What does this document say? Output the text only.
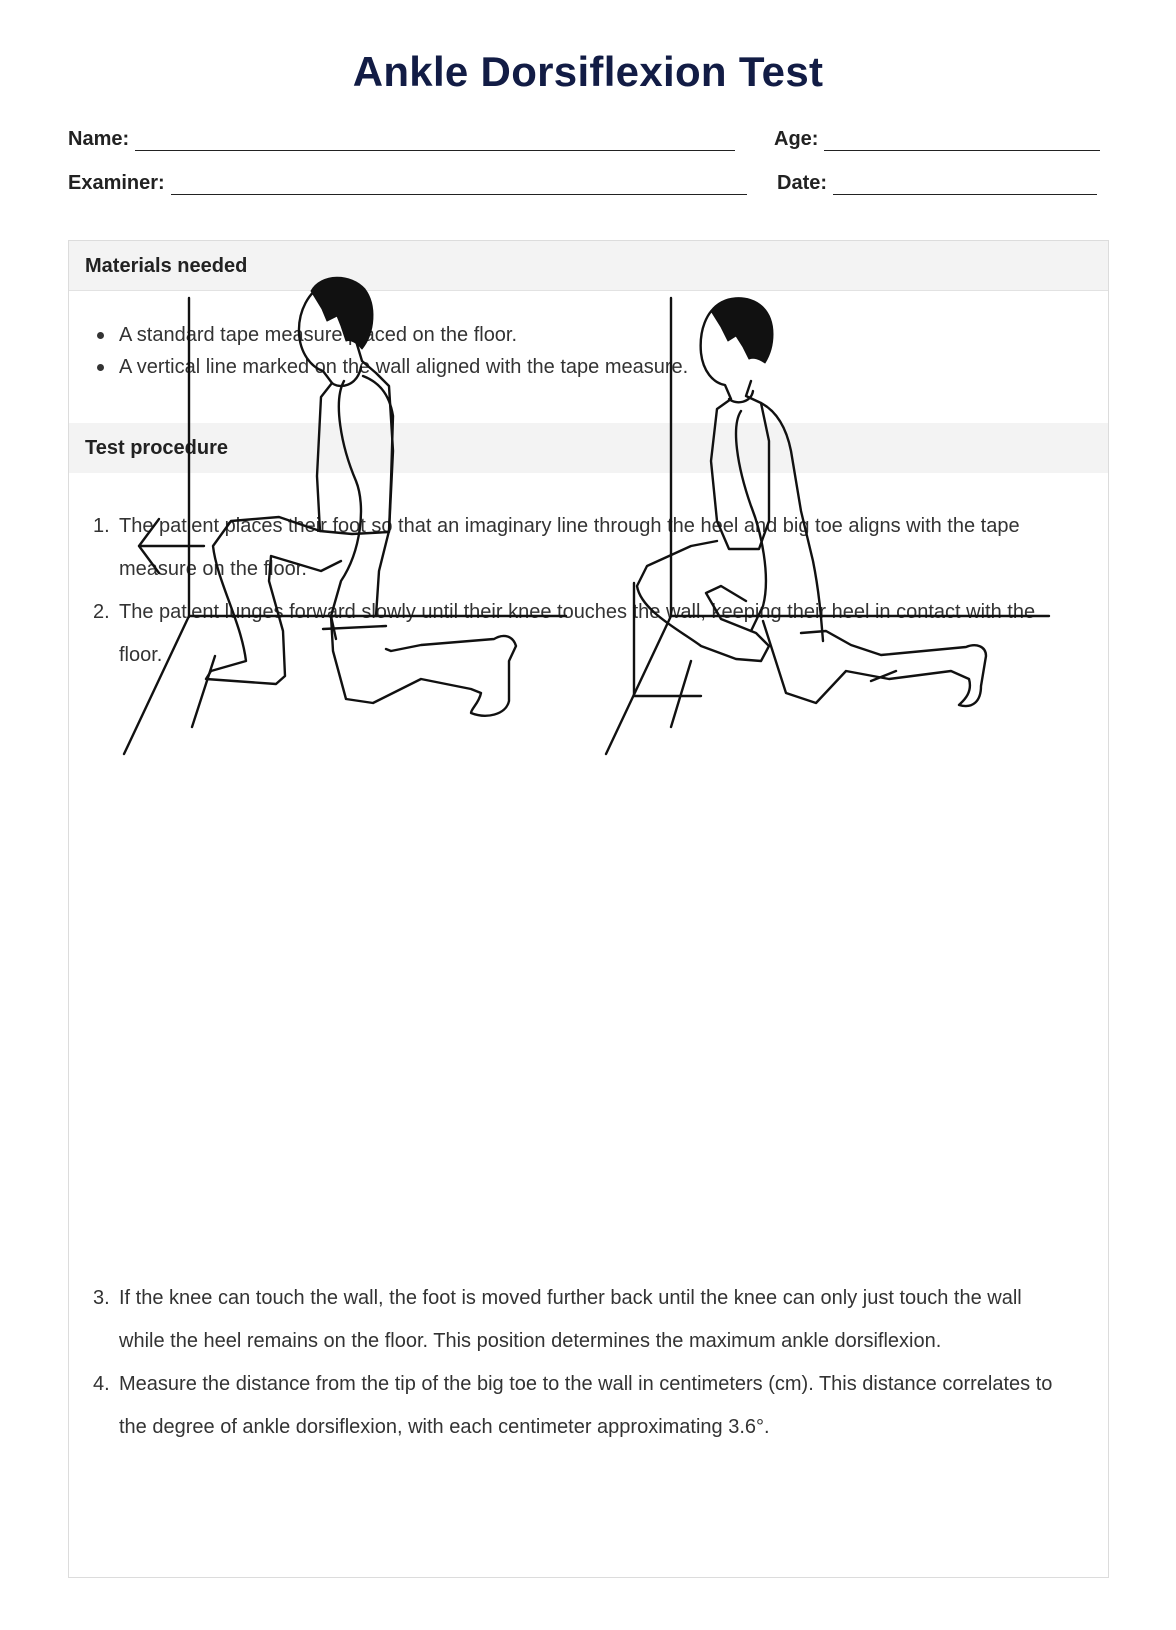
Ankle Dorsiflexion Test
Name:	Age:
Examiner:	Date:
Materials needed
A standard tape measure placed on the floor.
A vertical line marked on the wall aligned with the tape measure.
Test procedure
1. The patient places their foot so that an imaginary line through the heel and big toe aligns with the tape measure on the floor.
2. The patient lunges forward slowly until their knee touches the wall, keeping their heel in contact with the floor.
3. If the knee can touch the wall, the foot is moved further back until the knee can only just touch the wall while the heel remains on the floor. This position determines the maximum ankle dorsiflexion.
4. Measure the distance from the tip of the big toe to the wall in centimeters (cm). This distance correlates to the degree of ankle dorsiflexion, with each centimeter approximating 3.6°.
